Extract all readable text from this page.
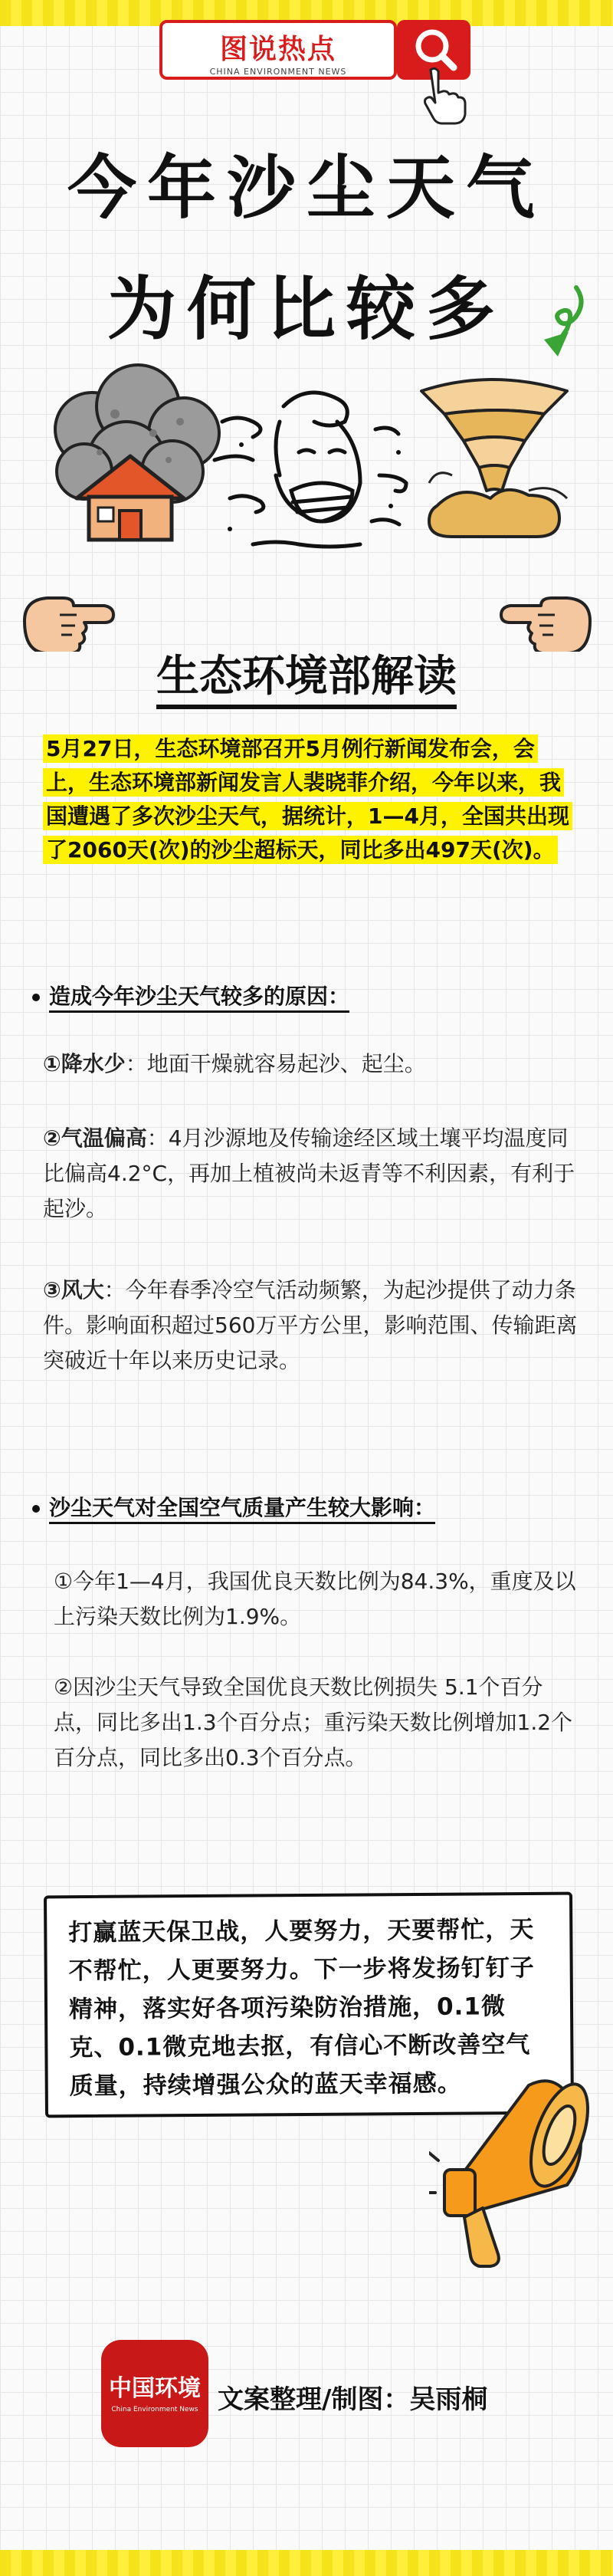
图说热点
CHINA ENVIRONMENT NEWS
今年沙尘天气
为何比较多
生态环境部解读
5月27日，生态环境部召开5月例行新闻发布会，会上，生态环境部新闻发言人裴晓菲介绍，今年以来，我国遭遇了多次沙尘天气，据统计，1—4月，全国共出现了2060天(次)的沙尘超标天，同比多出497天(次)。
造成今年沙尘天气较多的原因：
①降水少：地面干燥就容易起沙、起尘。
②气温偏高：4月沙源地及传输途经区域土壤平均温度同比偏高4.2°C，再加上植被尚未返青等不利因素，有利于起沙。
③风大：今年春季冷空气活动频繁，为起沙提供了动力条件。影响面积超过560万平方公里，影响范围、传输距离突破近十年以来历史记录。
沙尘天气对全国空气质量产生较大影响：
①今年1—4月，我国优良天数比例为84.3%，重度及以上污染天数比例为1.9%。
②因沙尘天气导致全国优良天数比例损失 5.1个百分点，同比多出1.3个百分点；重污染天数比例增加1.2个百分点，同比多出0.3个百分点。
打赢蓝天保卫战，人要努力，天要帮忙，天不帮忙，人更要努力。下一步将发扬钉钉子精神，落实好各项污染防治措施，0.1微克、0.1微克地去抠，有信心不断改善空气质量，持续增强公众的蓝天幸福感。
中国环境
China Environment News 文案整理/制图：吴雨桐
